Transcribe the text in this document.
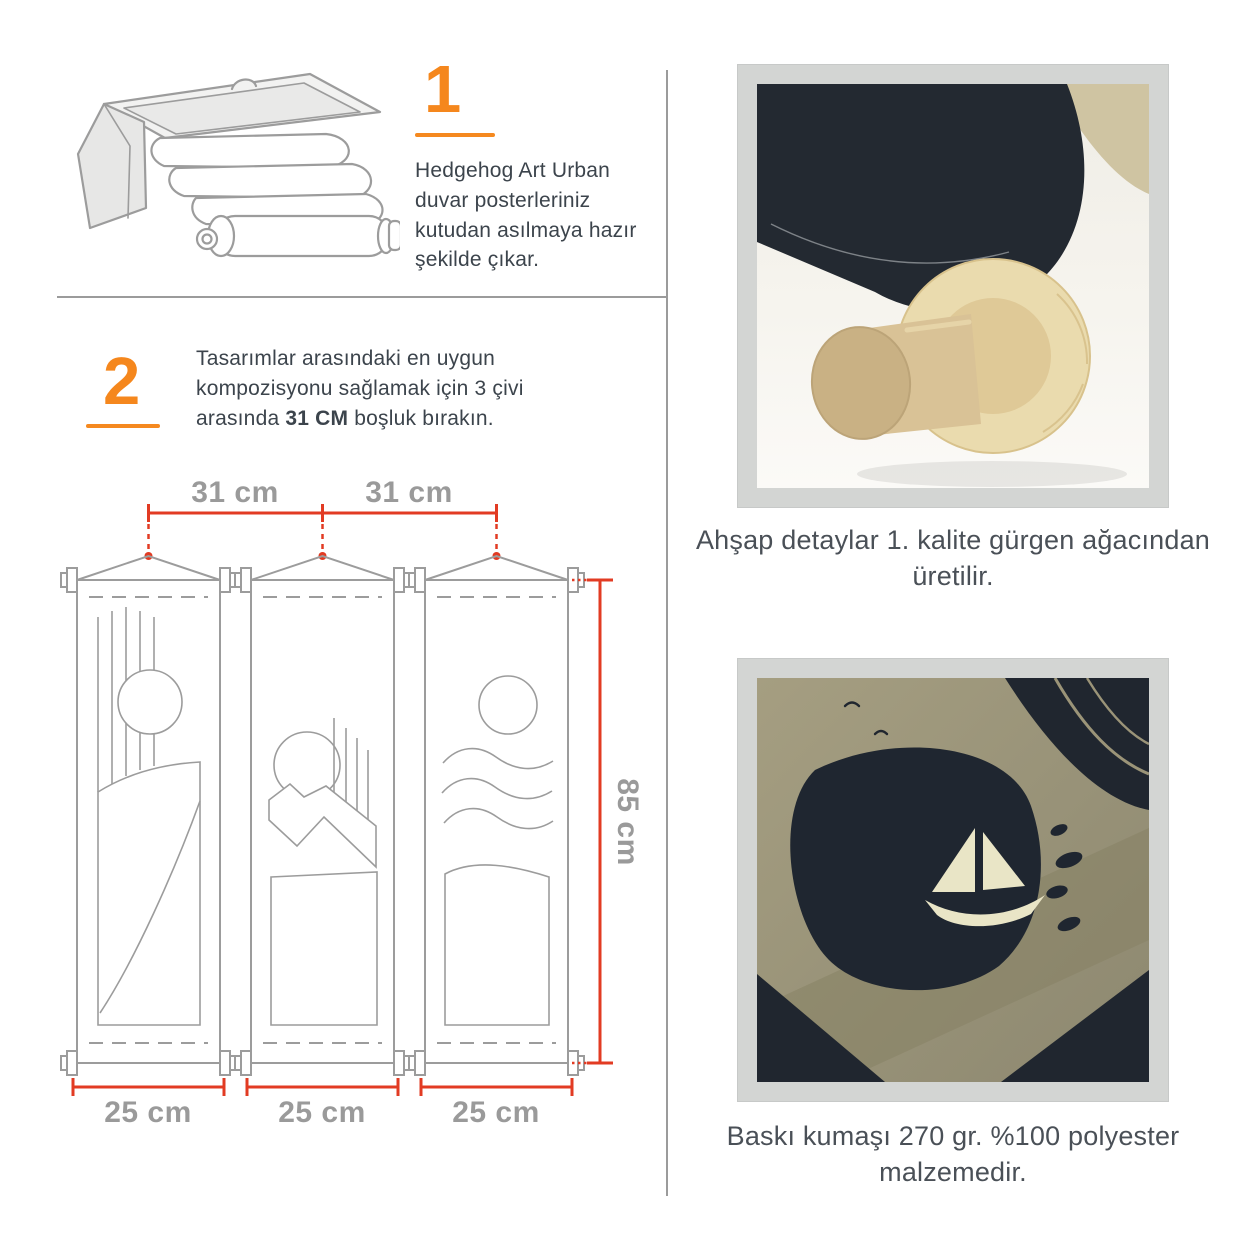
1
Hedgehog Art Urban duvar posterleriniz kutudan asılmaya hazır şekilde çıkar.
2	Tasarımlar arasındaki en uygun kompozisyonu sağlamak için 3 çivi arasında 31 CM boşluk bırakın.

31 cm	31 cm
85 cm
25 cm	25 cm	25 cm
Ahşap detaylar 1. kalite gürgen ağacından üretilir.
Baskı kumaşı 270 gr. %100 polyester malzemedir.
